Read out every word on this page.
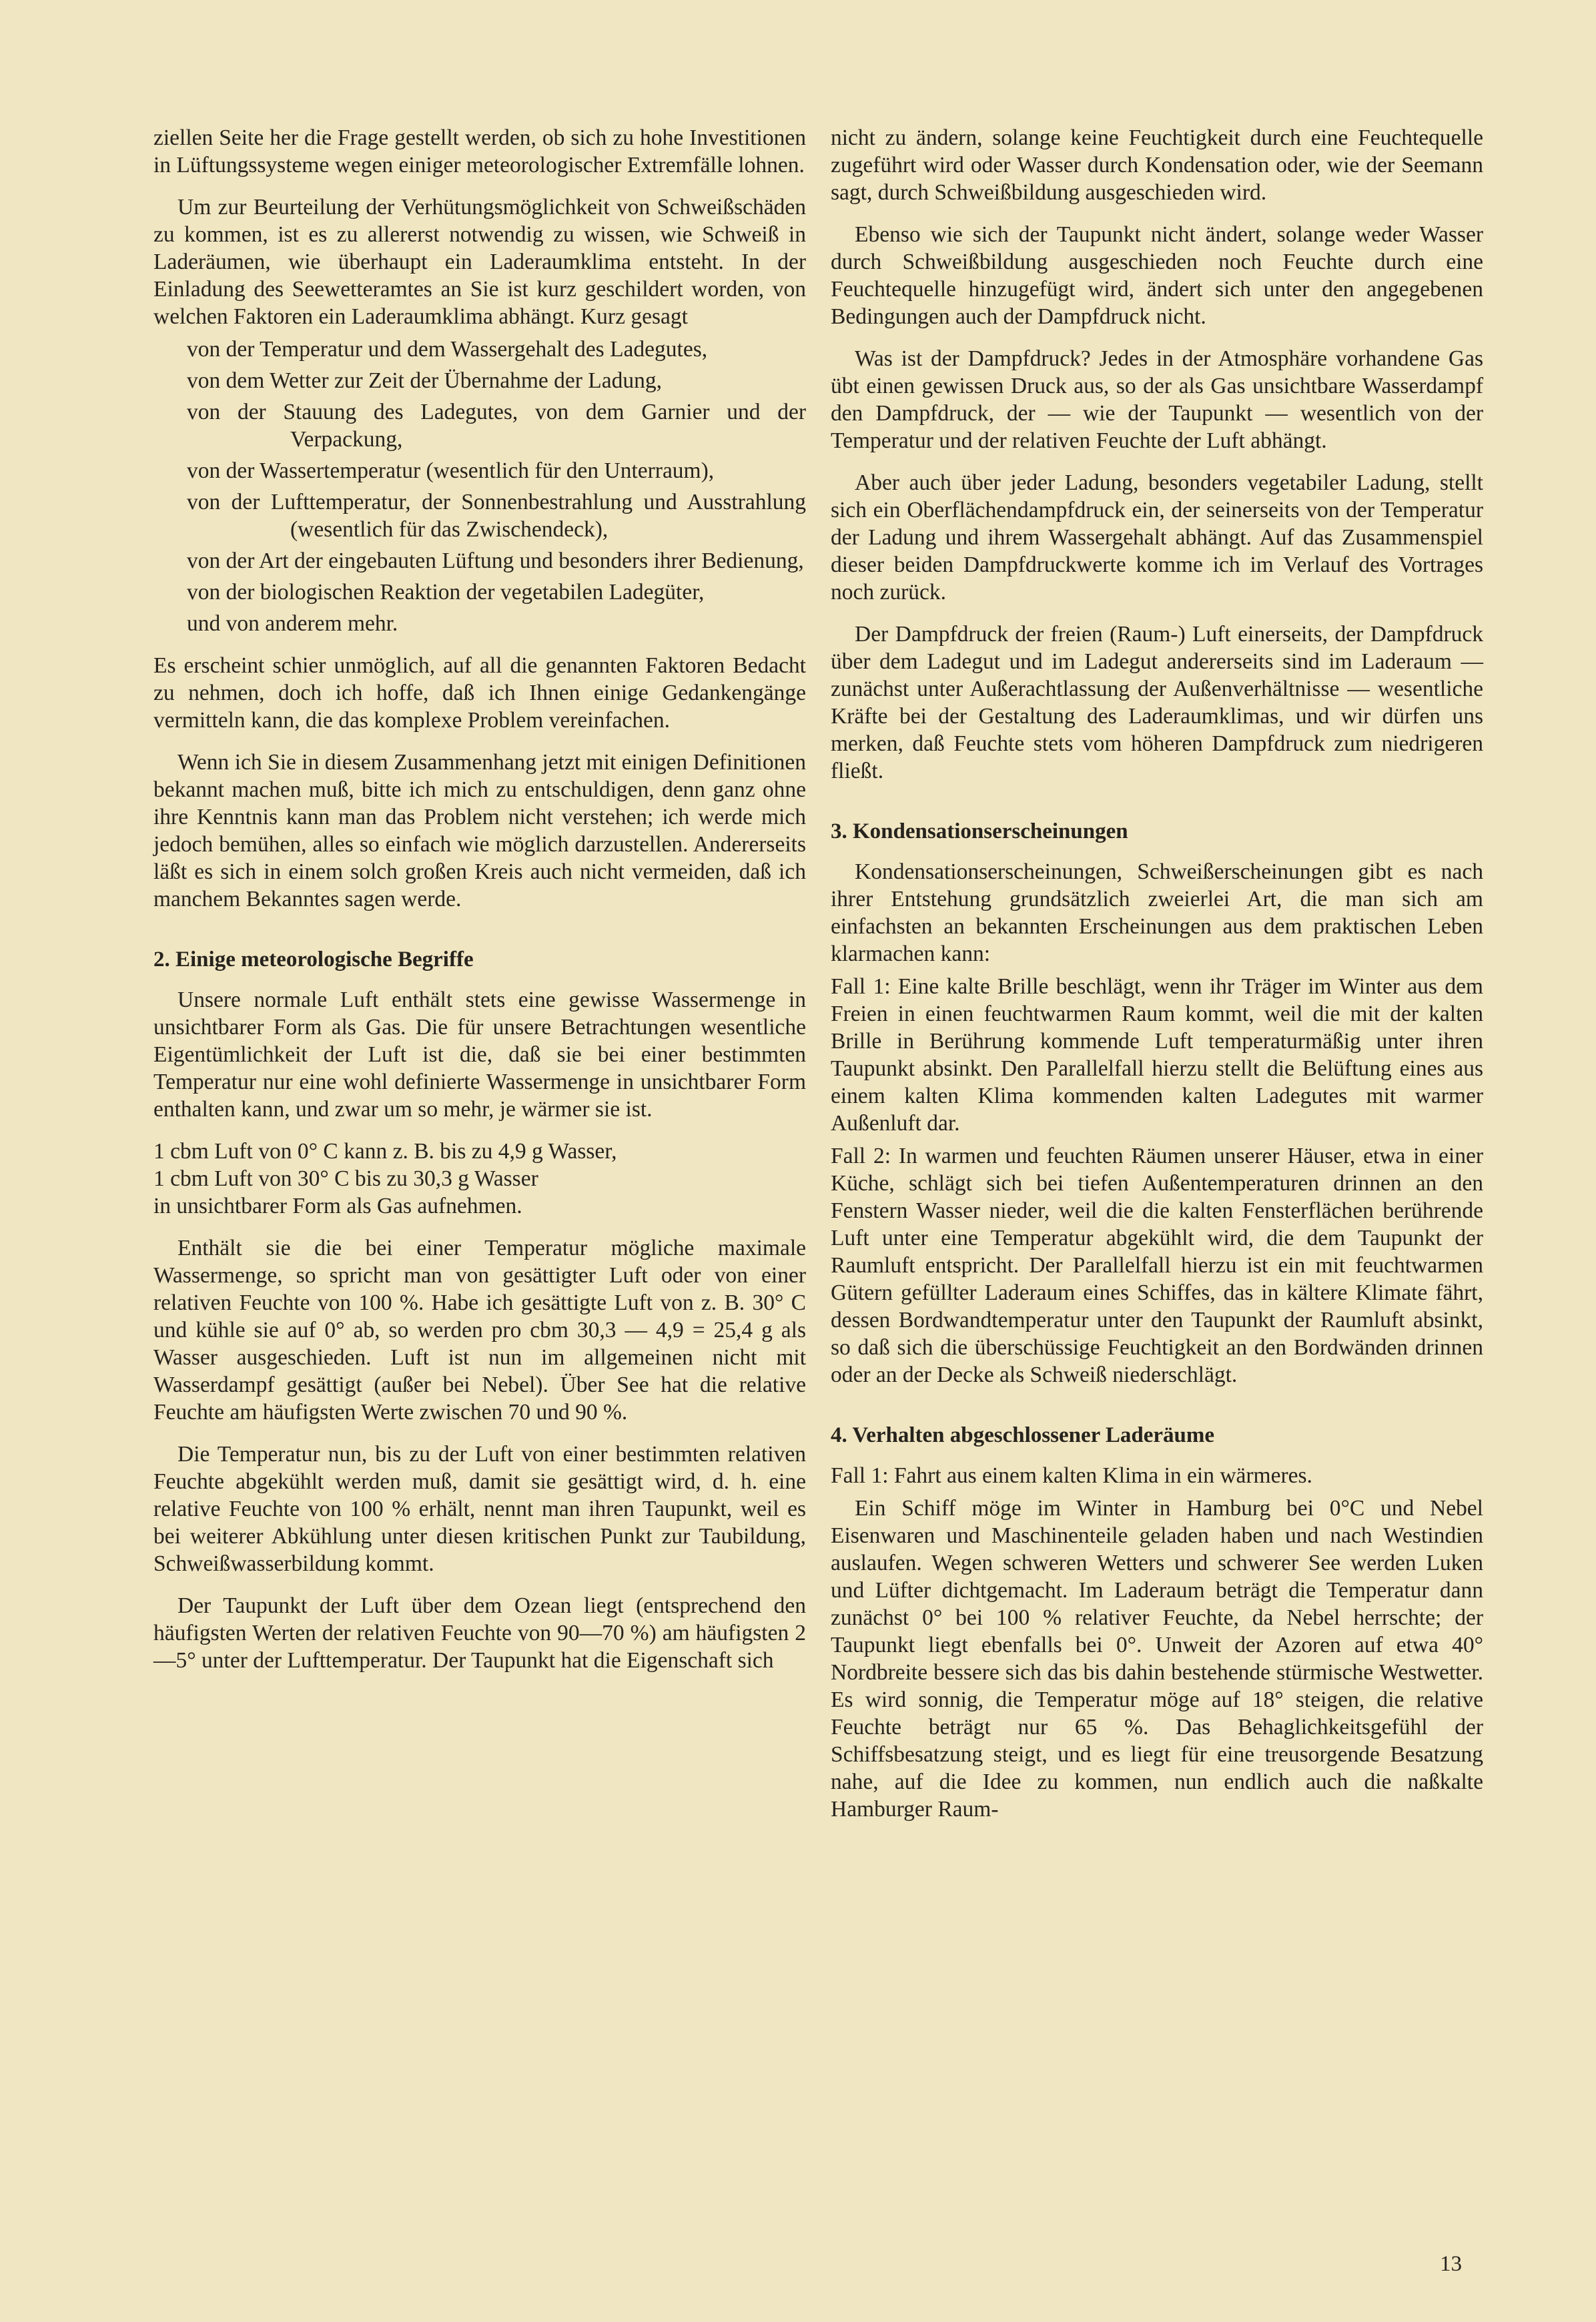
ziellen Seite her die Frage gestellt werden, ob sich zu hohe Investitionen in Lüftungssysteme wegen einiger meteorologischer Extremfälle lohnen.

Um zur Beurteilung der Verhütungsmöglichkeit von Schweißschäden zu kommen, ist es zu allererst notwendig zu wissen, wie Schweiß in Laderäumen, wie überhaupt ein Laderaumklima entsteht. In der Einladung des Seewetteramtes an Sie ist kurz geschildert worden, von welchen Faktoren ein Laderaumklima abhängt. Kurz gesagt

von der Temperatur und dem Wassergehalt des Ladegutes,
von dem Wetter zur Zeit der Übernahme der Ladung,
von der Stauung des Ladegutes, von dem Garnier und der Verpackung,
von der Wassertemperatur (wesentlich für den Unterraum),
von der Lufttemperatur, der Sonnenbestrahlung und Ausstrahlung (wesentlich für das Zwischendeck),
von der Art der eingebauten Lüftung und besonders ihrer Bedienung,
von der biologischen Reaktion der vegetabilen Ladegüter,
und von anderem mehr.

Es erscheint schier unmöglich, auf all die genannten Faktoren Bedacht zu nehmen, doch ich hoffe, daß ich Ihnen einige Gedankengänge vermitteln kann, die das komplexe Problem vereinfachen.

Wenn ich Sie in diesem Zusammenhang jetzt mit einigen Definitionen bekannt machen muß, bitte ich mich zu entschuldigen, denn ganz ohne ihre Kenntnis kann man das Problem nicht verstehen; ich werde mich jedoch bemühen, alles so einfach wie möglich darzustellen. Andererseits läßt es sich in einem solch großen Kreis auch nicht vermeiden, daß ich manchem Bekanntes sagen werde.

2. Einige meteorologische Begriffe

Unsere normale Luft enthält stets eine gewisse Wassermenge in unsichtbarer Form als Gas. Die für unsere Betrachtungen wesentliche Eigentümlichkeit der Luft ist die, daß sie bei einer bestimmten Temperatur nur eine wohl definierte Wassermenge in unsichtbarer Form enthalten kann, und zwar um so mehr, je wärmer sie ist.

1 cbm Luft von 0° C kann z. B. bis zu 4,9 g Wasser,

1 cbm Luft von 30° C bis zu 30,3 g Wasser

in unsichtbarer Form als Gas aufnehmen.

Enthält sie die bei einer Temperatur mögliche maximale Wassermenge, so spricht man von gesättigter Luft oder von einer relativen Feuchte von 100 %. Habe ich gesättigte Luft von z. B. 30° C und kühle sie auf 0° ab, so werden pro cbm 30,3 — 4,9 = 25,4 g als Wasser ausgeschieden. Luft ist nun im allgemeinen nicht mit Wasserdampf gesättigt (außer bei Nebel). Über See hat die relative Feuchte am häufigsten Werte zwischen 70 und 90 %.

Die Temperatur nun, bis zu der Luft von einer bestimmten relativen Feuchte abgekühlt werden muß, damit sie gesättigt wird, d. h. eine relative Feuchte von 100 % erhält, nennt man ihren Taupunkt, weil es bei weiterer Abkühlung unter diesen kritischen Punkt zur Taubildung, Schweißwasserbildung kommt.

Der Taupunkt der Luft über dem Ozean liegt (entsprechend den häufigsten Werten der relativen Feuchte von 90—70 %) am häufigsten 2—5° unter der Lufttemperatur. Der Taupunkt hat die Eigenschaft sich

nicht zu ändern, solange keine Feuchtigkeit durch eine Feuchtequelle zugeführt wird oder Wasser durch Kondensation oder, wie der Seemann sagt, durch Schweißbildung ausgeschieden wird.

Ebenso wie sich der Taupunkt nicht ändert, solange weder Wasser durch Schweißbildung ausgeschieden noch Feuchte durch eine Feuchtequelle hinzugefügt wird, ändert sich unter den angegebenen Bedingungen auch der Dampfdruck nicht.

Was ist der Dampfdruck? Jedes in der Atmosphäre vorhandene Gas übt einen gewissen Druck aus, so der als Gas unsichtbare Wasserdampf den Dampfdruck, der — wie der Taupunkt — wesentlich von der Temperatur und der relativen Feuchte der Luft abhängt.

Aber auch über jeder Ladung, besonders vegetabiler Ladung, stellt sich ein Oberflächendampfdruck ein, der seinerseits von der Temperatur der Ladung und ihrem Wassergehalt abhängt. Auf das Zusammenspiel dieser beiden Dampfdruckwerte komme ich im Verlauf des Vortrages noch zurück.

Der Dampfdruck der freien (Raum-) Luft einerseits, der Dampfdruck über dem Ladegut und im Ladegut andererseits sind im Laderaum — zunächst unter Außerachtlassung der Außenverhältnisse — wesentliche Kräfte bei der Gestaltung des Laderaumklimas, und wir dürfen uns merken, daß Feuchte stets vom höheren Dampfdruck zum niedrigeren fließt.

3. Kondensationserscheinungen

Kondensationserscheinungen, Schweißerscheinungen gibt es nach ihrer Entstehung grundsätzlich zweierlei Art, die man sich am einfachsten an bekannten Erscheinungen aus dem praktischen Leben klarmachen kann:

Fall 1: Eine kalte Brille beschlägt, wenn ihr Träger im Winter aus dem Freien in einen feuchtwarmen Raum kommt, weil die mit der kalten Brille in Berührung kommende Luft temperaturmäßig unter ihren Taupunkt absinkt. Den Parallelfall hierzu stellt die Belüftung eines aus einem kalten Klima kommenden kalten Ladegutes mit warmer Außenluft dar.

Fall 2: In warmen und feuchten Räumen unserer Häuser, etwa in einer Küche, schlägt sich bei tiefen Außentemperaturen drinnen an den Fenstern Wasser nieder, weil die die kalten Fensterflächen berührende Luft unter eine Temperatur abgekühlt wird, die dem Taupunkt der Raumluft entspricht. Der Parallelfall hierzu ist ein mit feuchtwarmen Gütern gefüllter Laderaum eines Schiffes, das in kältere Klimate fährt, dessen Bordwandtemperatur unter den Taupunkt der Raumluft absinkt, so daß sich die überschüssige Feuchtigkeit an den Bordwänden drinnen oder an der Decke als Schweiß niederschlägt.

4. Verhalten abgeschlossener Laderäume

Fall 1: Fahrt aus einem kalten Klima in ein wärmeres.

Ein Schiff möge im Winter in Hamburg bei 0°C und Nebel Eisenwaren und Maschinenteile geladen haben und nach Westindien auslaufen. Wegen schweren Wetters und schwerer See werden Luken und Lüfter dichtgemacht. Im Laderaum beträgt die Temperatur dann zunächst 0° bei 100 % relativer Feuchte, da Nebel herrschte; der Taupunkt liegt ebenfalls bei 0°. Unweit der Azoren auf etwa 40° Nordbreite bessere sich das bis dahin bestehende stürmische Westwetter. Es wird sonnig, die Temperatur möge auf 18° steigen, die relative Feuchte beträgt nur 65 %. Das Behaglichkeitsgefühl der Schiffsbesatzung steigt, und es liegt für eine treusorgende Besatzung nahe, auf die Idee zu kommen, nun endlich auch die naßkalte Hamburger Raum-

13
